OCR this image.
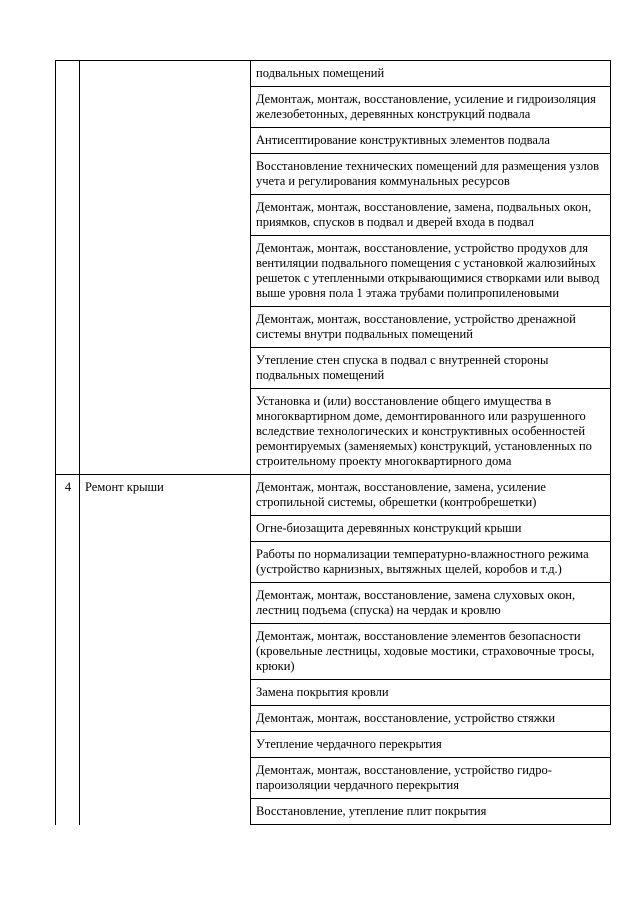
		подвальных помещений
		Демонтаж, монтаж, восстановление, усиление и гидроизоляция железобетонных, деревянных конструкций подвала
		Антисептирование конструктивных элементов подвала
		Восстановление технических помещений для размещения узлов учета и регулирования коммунальных ресурсов
		Демонтаж, монтаж, восстановление, замена, подвальных окон, приямков, спусков в подвал и дверей входа в подвал
		Демонтаж, монтаж, восстановление, устройство продухов для вентиляции подвального помещения с установкой жалюзийных решеток с утепленными открывающимися створками или вывод выше уровня пола 1 этажа трубами полипропиленовыми
		Демонтаж, монтаж, восстановление, устройство дренажной системы внутри подвальных помещений
		Утепление стен спуска в подвал с внутренней стороны подвальных помещений
		Установка и (или) восстановление общего имущества в многоквартирном доме, демонтированного или разрушенного вследствие технологических и конструктивных особенностей ремонтируемых (заменяемых) конструкций, установленных по строительному проекту многоквартирного дома
4	Ремонт крыши	Демонтаж, монтаж, восстановление, замена, усиление стропильной системы, обрешетки (контробрешетки)
		Огне-биозащита деревянных конструкций крыши
		Работы по нормализации температурно-влажностного режима (устройство карнизных, вытяжных щелей, коробов и т.д.)
		Демонтаж, монтаж, восстановление, замена слуховых окон, лестниц подъема (спуска) на чердак и кровлю
		Демонтаж, монтаж, восстановление элементов безопасности (кровельные лестницы, ходовые мостики, страховочные тросы, крюки)
		Замена покрытия кровли
		Демонтаж, монтаж, восстановление, устройство стяжки
		Утепление чердачного перекрытия
		Демонтаж, монтаж, восстановление, устройство гидро-пароизоляции чердачного перекрытия
		Восстановление, утепление плит покрытия
